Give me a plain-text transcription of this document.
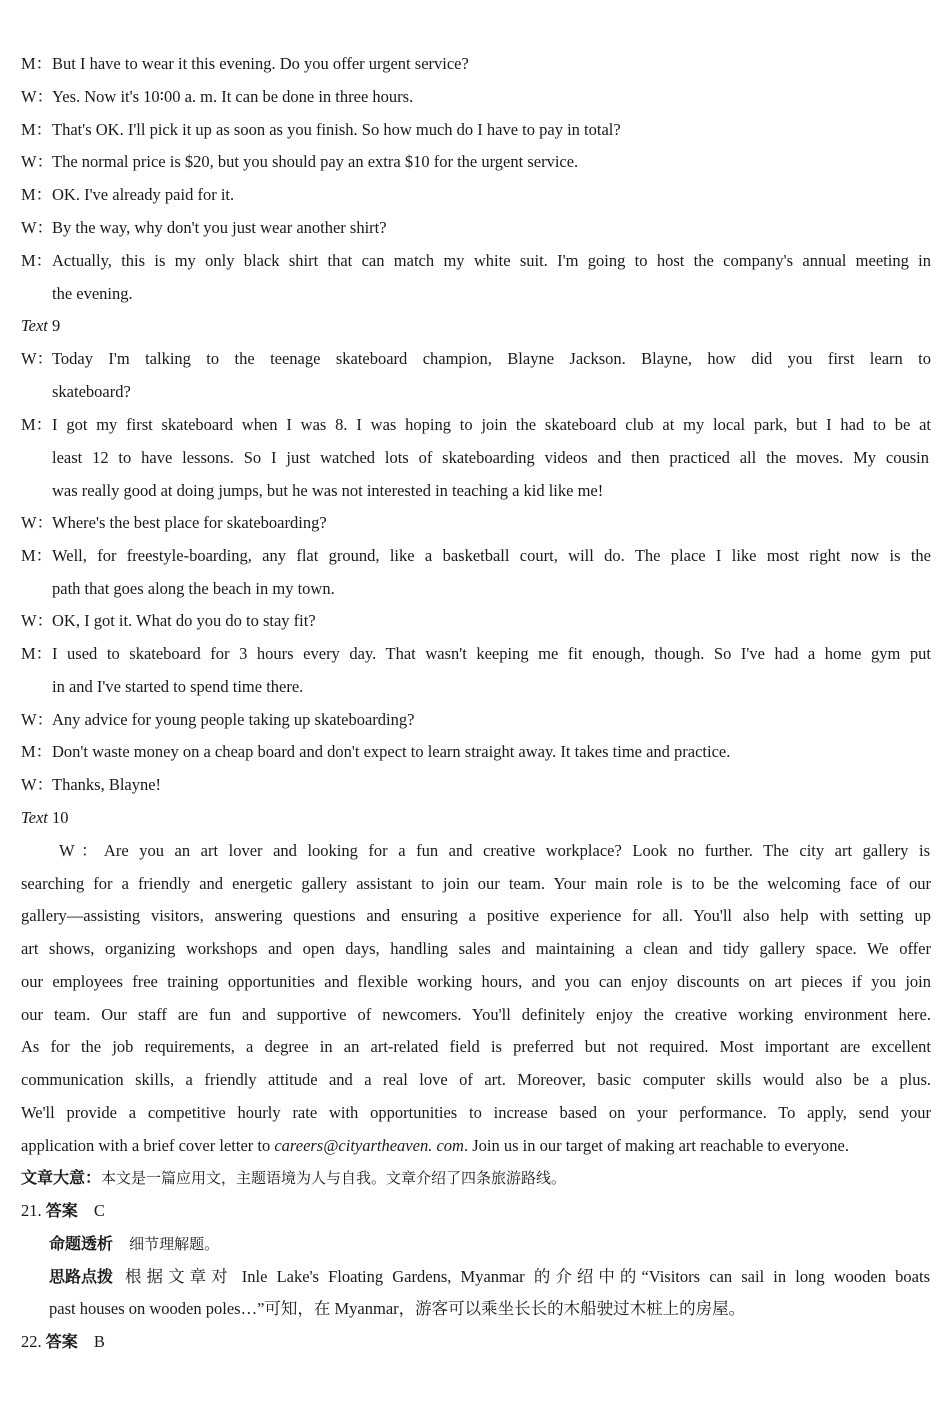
M： But I have to wear it this evening. Do you offer urgent service?
W：
Yes. Now it's 10∶00 a. m. It can be done in three hours.
M： That's OK. I'll pick it up as soon as you finish. So how much do I have to pay in total?
W：
The normal price is $20, but you should pay an extra $10 for the urgent service.
M： OK. I've already paid for it.
W：
By the way, why don't you just wear another shirt?
M： Actually, this is my only black shirt that can match my white suit. I'm going to host the company's annual meeting in
the evening.
Text 9
W：
Today I'm talking to the teenage skateboard champion, Blayne Jackson. Blayne, how did you first learn to
skateboard?
M： I got my first skateboard when I was 8. I was hoping to join the skateboard club at my local park, but I had to be at
least 12 to have lessons. So I just watched lots of skateboarding videos and then practiced all the moves. My cousin
was really good at doing jumps, but he was not interested in teaching a kid like me!
W：
Where's the best place for skateboarding?
M： Well, for freestyle-boarding, any flat ground, like a basketball court, will do. The place I like most right now is the
path that goes along the beach in my town.
W：
OK, I got it. What do you do to stay fit?
M： I used to skateboard for 3 hours every day. That wasn't keeping me fit enough, though. So I've had a home gym put
in and I've started to spend time there.
W：
Any advice for young people taking up skateboarding?
M： Don't waste money on a cheap board and don't expect to learn straight away. It takes time and practice.
W：
Thanks, Blayne!
Text 10
W：Are you an art lover and looking for a fun and creative workplace? Look no further. The city art gallery is
searching for a friendly and energetic gallery assistant to join our team. Your main role is to be the welcoming face of our
gallery—assisting visitors, answering questions and ensuring a positive experience for all. You'll also help with setting up
art shows, organizing workshops and open days, handling sales and maintaining a clean and tidy gallery space. We offer
our employees free training opportunities and flexible working hours, and you can enjoy discounts on art pieces if you join
our team. Our staff are fun and supportive of newcomers. You'll definitely enjoy the creative working environment here.
As for the job requirements, a degree in an art-related field is preferred but not required. Most important are excellent
communication skills, a friendly attitude and a real love of art. Moreover, basic computer skills would also be a plus.
We'll provide a competitive hourly rate with opportunities to increase based on your performance. To apply, send your
application with a brief cover letter to careers@cityartheaven. com. Join us in our target of making art reachable to everyone.
文章大意：本文是一篇应用文，主题语境为人与自我。文章介绍了四条旅游路线。
21. 答案 C
命题透析 细节理解题。
思路点拨 根据文章对 Inle Lake's Floating Gardens, Myanmar 的介绍中的“Visitors can sail in long wooden boats
past houses on wooden poles…”可知，在 Myanmar，游客可以乘坐长长的木船驶过木桩上的房屋。
22. 答案 B
